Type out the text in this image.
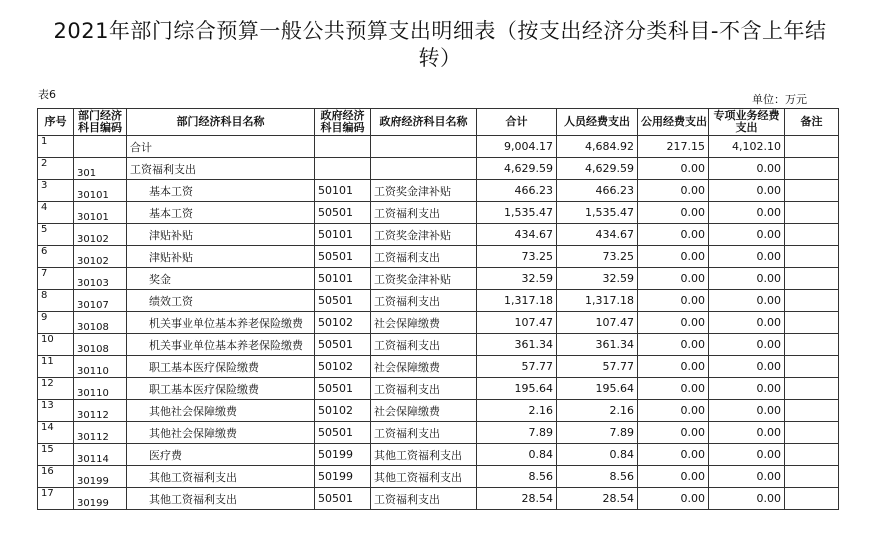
2021年部门综合预算一般公共预算支出明细表（按支出经济分类科目-不含上年结
转）
表6	单位：万元
序号	部门经济科目编码	部门经济科目名称	政府经济科目编码	政府经济科目名称	合计	人员经费支出	公用经费支出	专项业务经费支出	备注
1		合计			9,004.17	4,684.92	217.15	4,102.10	
2	301	工资福利支出			4,629.59	4,629.59	0.00	0.00	
3	30101	基本工资	50101	工资奖金津补贴	466.23	466.23	0.00	0.00	
4	30101	基本工资	50501	工资福利支出	1,535.47	1,535.47	0.00	0.00	
5	30102	津贴补贴	50101	工资奖金津补贴	434.67	434.67	0.00	0.00	
6	30102	津贴补贴	50501	工资福利支出	73.25	73.25	0.00	0.00	
7	30103	奖金	50101	工资奖金津补贴	32.59	32.59	0.00	0.00	
8	30107	绩效工资	50501	工资福利支出	1,317.18	1,317.18	0.00	0.00	
9	30108	机关事业单位基本养老保险缴费	50102	社会保障缴费	107.47	107.47	0.00	0.00	
10	30108	机关事业单位基本养老保险缴费	50501	工资福利支出	361.34	361.34	0.00	0.00	
11	30110	职工基本医疗保险缴费	50102	社会保障缴费	57.77	57.77	0.00	0.00	
12	30110	职工基本医疗保险缴费	50501	工资福利支出	195.64	195.64	0.00	0.00	
13	30112	其他社会保障缴费	50102	社会保障缴费	2.16	2.16	0.00	0.00	
14	30112	其他社会保障缴费	50501	工资福利支出	7.89	7.89	0.00	0.00	
15	30114	医疗费	50199	其他工资福利支出	0.84	0.84	0.00	0.00	
16	30199	其他工资福利支出	50199	其他工资福利支出	8.56	8.56	0.00	0.00	
17	30199	其他工资福利支出	50501	工资福利支出	28.54	28.54	0.00	0.00	
